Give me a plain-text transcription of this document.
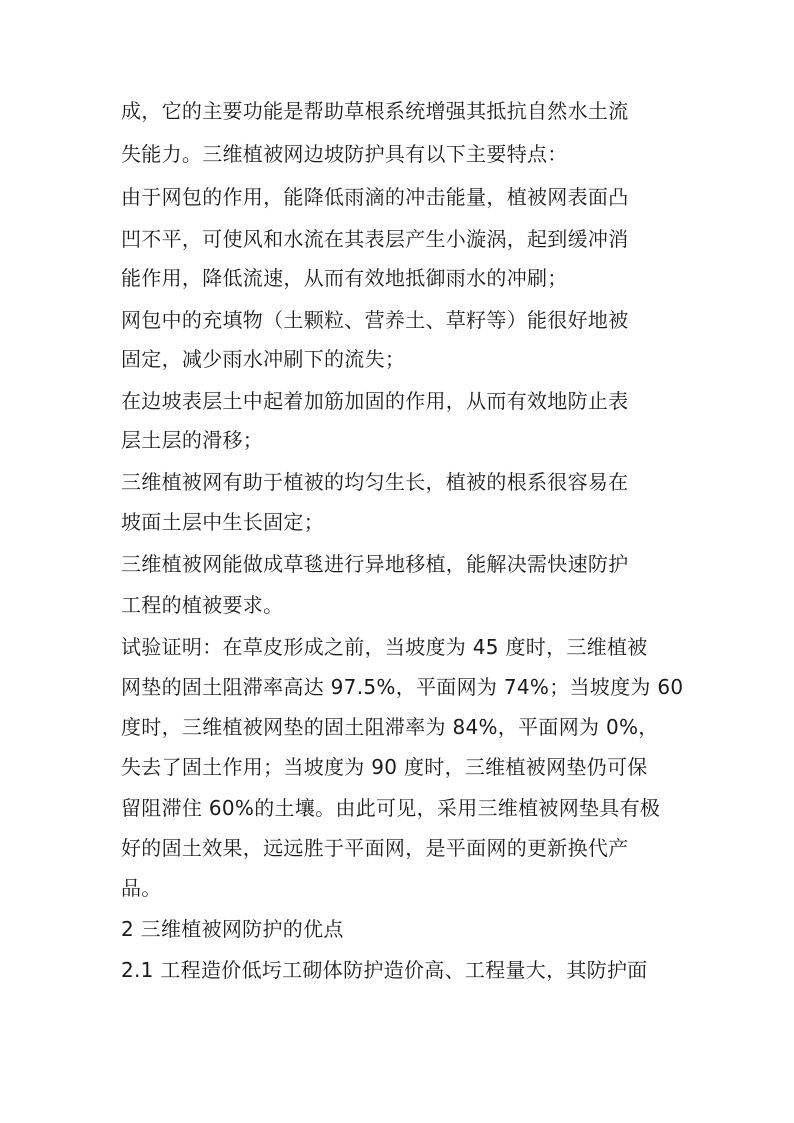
成，它的主要功能是帮助草根系统增强其抵抗自然水土流
失能力。三维植被网边坡防护具有以下主要特点：
由于网包的作用，能降低雨滴的冲击能量，植被网表面凸
凹不平，可使风和水流在其表层产生小漩涡，起到缓冲消
能作用，降低流速，从而有效地抵御雨水的冲刷；
网包中的充填物（土颗粒、营养土、草籽等）能很好地被
固定，减少雨水冲刷下的流失；
在边坡表层土中起着加筋加固的作用，从而有效地防止表
层土层的滑移；
三维植被网有助于植被的均匀生长，植被的根系很容易在
坡面土层中生长固定；
三维植被网能做成草毯进行异地移植，能解决需快速防护
工程的植被要求。
试验证明：在草皮形成之前，当坡度为 45 度时，三维植被
网垫的固土阻滞率高达 97.5%，平面网为 74%；当坡度为 60
度时，三维植被网垫的固土阻滞率为 84%，平面网为 0%，
失去了固土作用；当坡度为 90 度时，三维植被网垫仍可保
留阻滞住 60%的土壤。由此可见，采用三维植被网垫具有极
好的固土效果，远远胜于平面网，是平面网的更新换代产
品。
2 三维植被网防护的优点
2.1 工程造价低圬工砌体防护造价高、工程量大，其防护面
